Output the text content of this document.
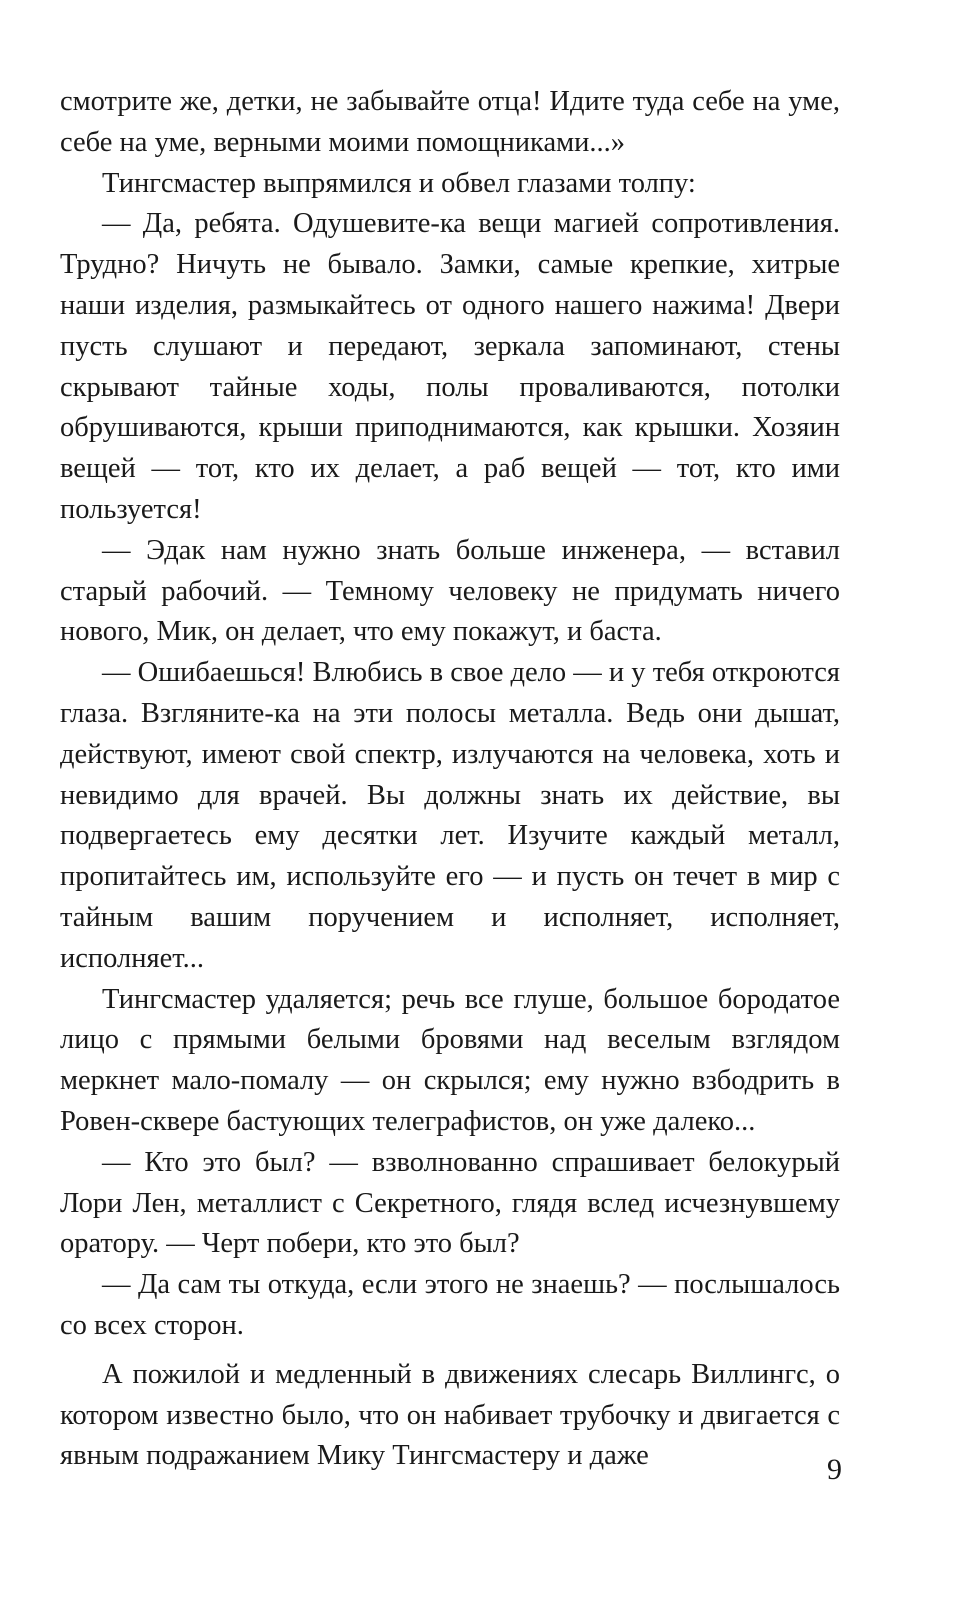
смотрите же, детки, не забывайте отца! Идите туда себе на уме, себе на уме, верными моими помощниками...»

Тингсмастер выпрямился и обвел глазами толпу:

— Да, ребята. Одушевите-ка вещи магией сопротивления. Трудно? Ничуть не бывало. Замки, самые крепкие, хитрые наши изделия, размыкайтесь от одного нашего нажима! Двери пусть слушают и передают, зеркала запоминают, стены скрывают тайные ходы, полы проваливаются, потолки обрушиваются, крыши приподнимаются, как крышки. Хозяин вещей — тот, кто их делает, а раб вещей — тот, кто ими пользуется!

— Эдак нам нужно знать больше инженера, — вставил старый рабочий. — Темному человеку не придумать ничего нового, Мик, он делает, что ему покажут, и баста.

— Ошибаешься! Влюбись в свое дело — и у тебя откроются глаза. Взгляните-ка на эти полосы металла. Ведь они дышат, действуют, имеют свой спектр, излучаются на человека, хоть и невидимо для врачей. Вы должны знать их действие, вы подвергаетесь ему десятки лет. Изучите каждый металл, пропитайтесь им, используйте его — и пусть он течет в мир с тайным вашим поручением и исполняет, исполняет, исполняет...

Тингсмастер удаляется; речь все глуше, большое бородатое лицо с прямыми белыми бровями над веселым взглядом меркнет мало-помалу — он скрылся; ему нужно взбодрить в Ровен-сквере бастующих телеграфистов, он уже далеко...

— Кто это был? — взволнованно спрашивает белокурый Лори Лен, металлист с Секретного, глядя вслед исчезнувшему оратору. — Черт побери, кто это был?

— Да сам ты откуда, если этого не знаешь? — послышалось со всех сторон.

А пожилой и медленный в движениях слесарь Виллингс, о котором известно было, что он набивает трубочку и двигается с явным подражанием Мику Тингсмастеру и даже	9
